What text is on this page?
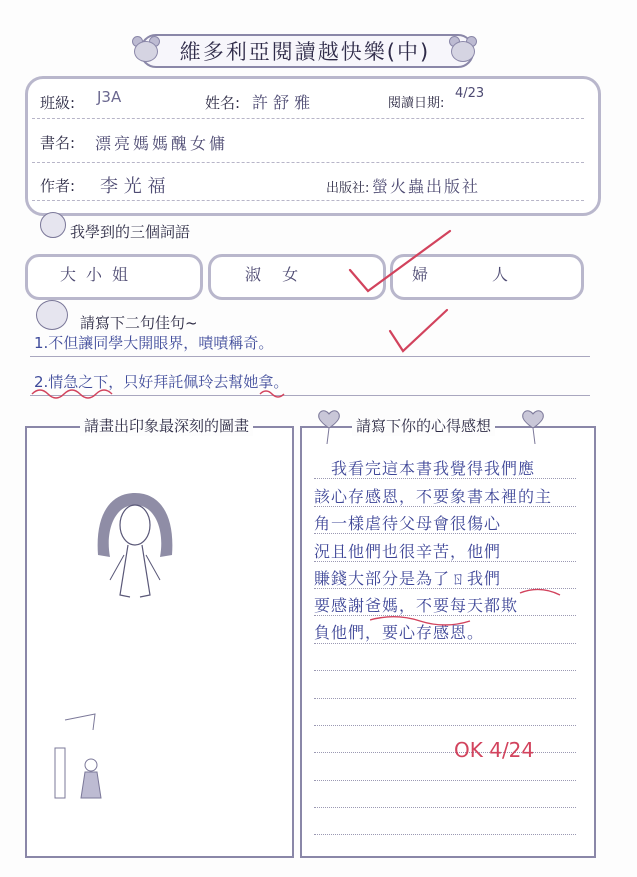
維多利亞閱讀越快樂(中)
班級: J3A	姓名: 許 舒 雅	閱讀日期:
4/23
書名: 漂亮媽媽醜女傭
作者: 李 光 福	出版社: 螢火蟲出版社
我學到的三個詞語
大小姐	淑 女	婦　　　　人
請寫下二句佳句~
1.不但讓同學大開眼界，嘖嘖稱奇。
2.情急之下，只好拜託佩玲去幫她拿。
請畫出印象最深刻的圖畫	請寫下你的心得感想
　我看完這本書我覺得我們應
該心存感恩，不要象書本裡的主
角一樣虐待父母會很傷心
況且他們也很辛苦，他們
賺錢大部分是為了ㄖ我們
要感謝爸媽，不要每天都欺
負他們，要心存感恩。
OK 4/24
